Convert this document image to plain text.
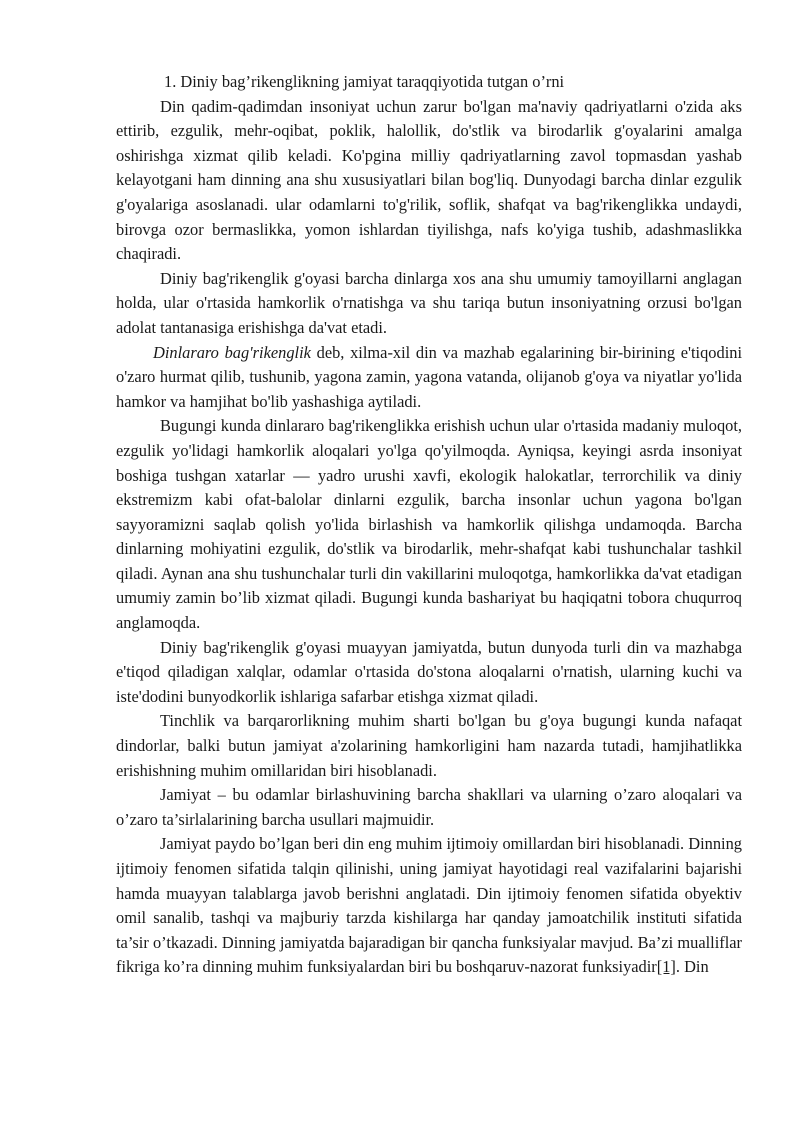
1. Diniy bag’rikenglikning jamiyat taraqqiyotida tutgan o’rni

Din qadim-qadimdan insoniyat uchun zarur bo'lgan ma'naviy qadriyatlarni o'zida aks ettirib, ezgulik, mehr-oqibat, poklik, halollik, do'stlik va birodarlik g'oyalarini amalga oshirishga xizmat qilib keladi. Ko'pgina milliy qadriyatlarning zavol topmasdan yashab kelayotgani ham dinning ana shu xususiyatlari bilan bog'liq. Dunyodagi barcha dinlar ezgulik g'oyalariga asoslanadi. ular odamlarni to'g'rilik, soflik, shafqat va bag'rikenglikka undaydi, birovga ozor bermaslikka, yomon ishlardan tiyilishga, nafs ko'yiga tushib, adashmaslikka chaqiradi.

Diniy bag'rikenglik g'oyasi barcha dinlarga xos ana shu umumiy tamoyillarni anglagan holda, ular o'rtasida hamkorlik o'rnatishga va shu tariqa butun insoniyatning orzusi bo'lgan adolat tantanasiga erishishga da'vat etadi.

Dinlararo bag'rikenglik deb, xilma-xil din va mazhab egalarining bir-birining e'tiqodini o'zaro hurmat qilib, tushunib, yagona zamin, yagona vatanda, olijanob g'oya va niyatlar yo'lida hamkor va hamjihat bo'lib yashashiga aytiladi.

Bugungi kunda dinlararo bag'rikenglikka erishish uchun ular o'rtasida madaniy muloqot, ezgulik yo'lidagi hamkorlik aloqalari yo'lga qo'yilmoqda. Ayniqsa, keyingi asrda insoniyat boshiga tushgan xatarlar — yadro urushi xavfi, ekologik halokatlar, terrorchilik va diniy ekstremizm kabi ofat-balolar dinlarni ezgulik, barcha insonlar uchun yagona bo'lgan sayyoramizni saqlab qolish yo'lida birlashish va hamkorlik qilishga undamoqda. Barcha dinlarning mohiyatini ezgulik, do'stlik va birodarlik, mehr-shafqat kabi tushunchalar tashkil qiladi. Aynan ana shu tushunchalar turli din vakillarini muloqotga, hamkorlikka da'vat etadigan umumiy zamin bo’lib xizmat qiladi. Bugungi kunda bashariyat bu haqiqatni tobora chuqurroq anglamoqda.

Diniy bag'rikenglik g'oyasi muayyan jamiyatda, butun dunyoda turli din va mazhabga e'tiqod qiladigan xalqlar, odamlar o'rtasida do'stona aloqalarni o'rnatish, ularning kuchi va iste'dodini bunyodkorlik ishlariga safarbar etishga xizmat qiladi.

Tinchlik va barqarorlikning muhim sharti bo'lgan bu g'oya bugungi kunda nafaqat dindorlar, balki butun jamiyat a'zolarining hamkorligini ham nazarda tutadi, hamjihatlikka erishishning muhim omillaridan biri hisoblanadi.

Jamiyat – bu odamlar birlashuvining barcha shakllari va ularning o’zaro aloqalari va o’zaro ta’sirlalarining barcha usullari majmuidir.

Jamiyat paydo bo’lgan beri din eng muhim ijtimoiy omillardan biri hisoblanadi. Dinning ijtimoiy fenomen sifatida talqin qilinishi, uning jamiyat hayotidagi real vazifalarini bajarishi hamda muayyan talablarga javob berishni anglatadi. Din ijtimoiy fenomen sifatida obyektiv omil sanalib, tashqi va majburiy tarzda kishilarga har qanday jamoatchilik instituti sifatida ta’sir o’tkazadi. Dinning jamiyatda bajaradigan bir qancha funksiyalar mavjud. Ba’zi mualliflar fikriga ko’ra dinning muhim funksiyalardan biri bu boshqaruv-nazorat funksiyadir[1]. Din
